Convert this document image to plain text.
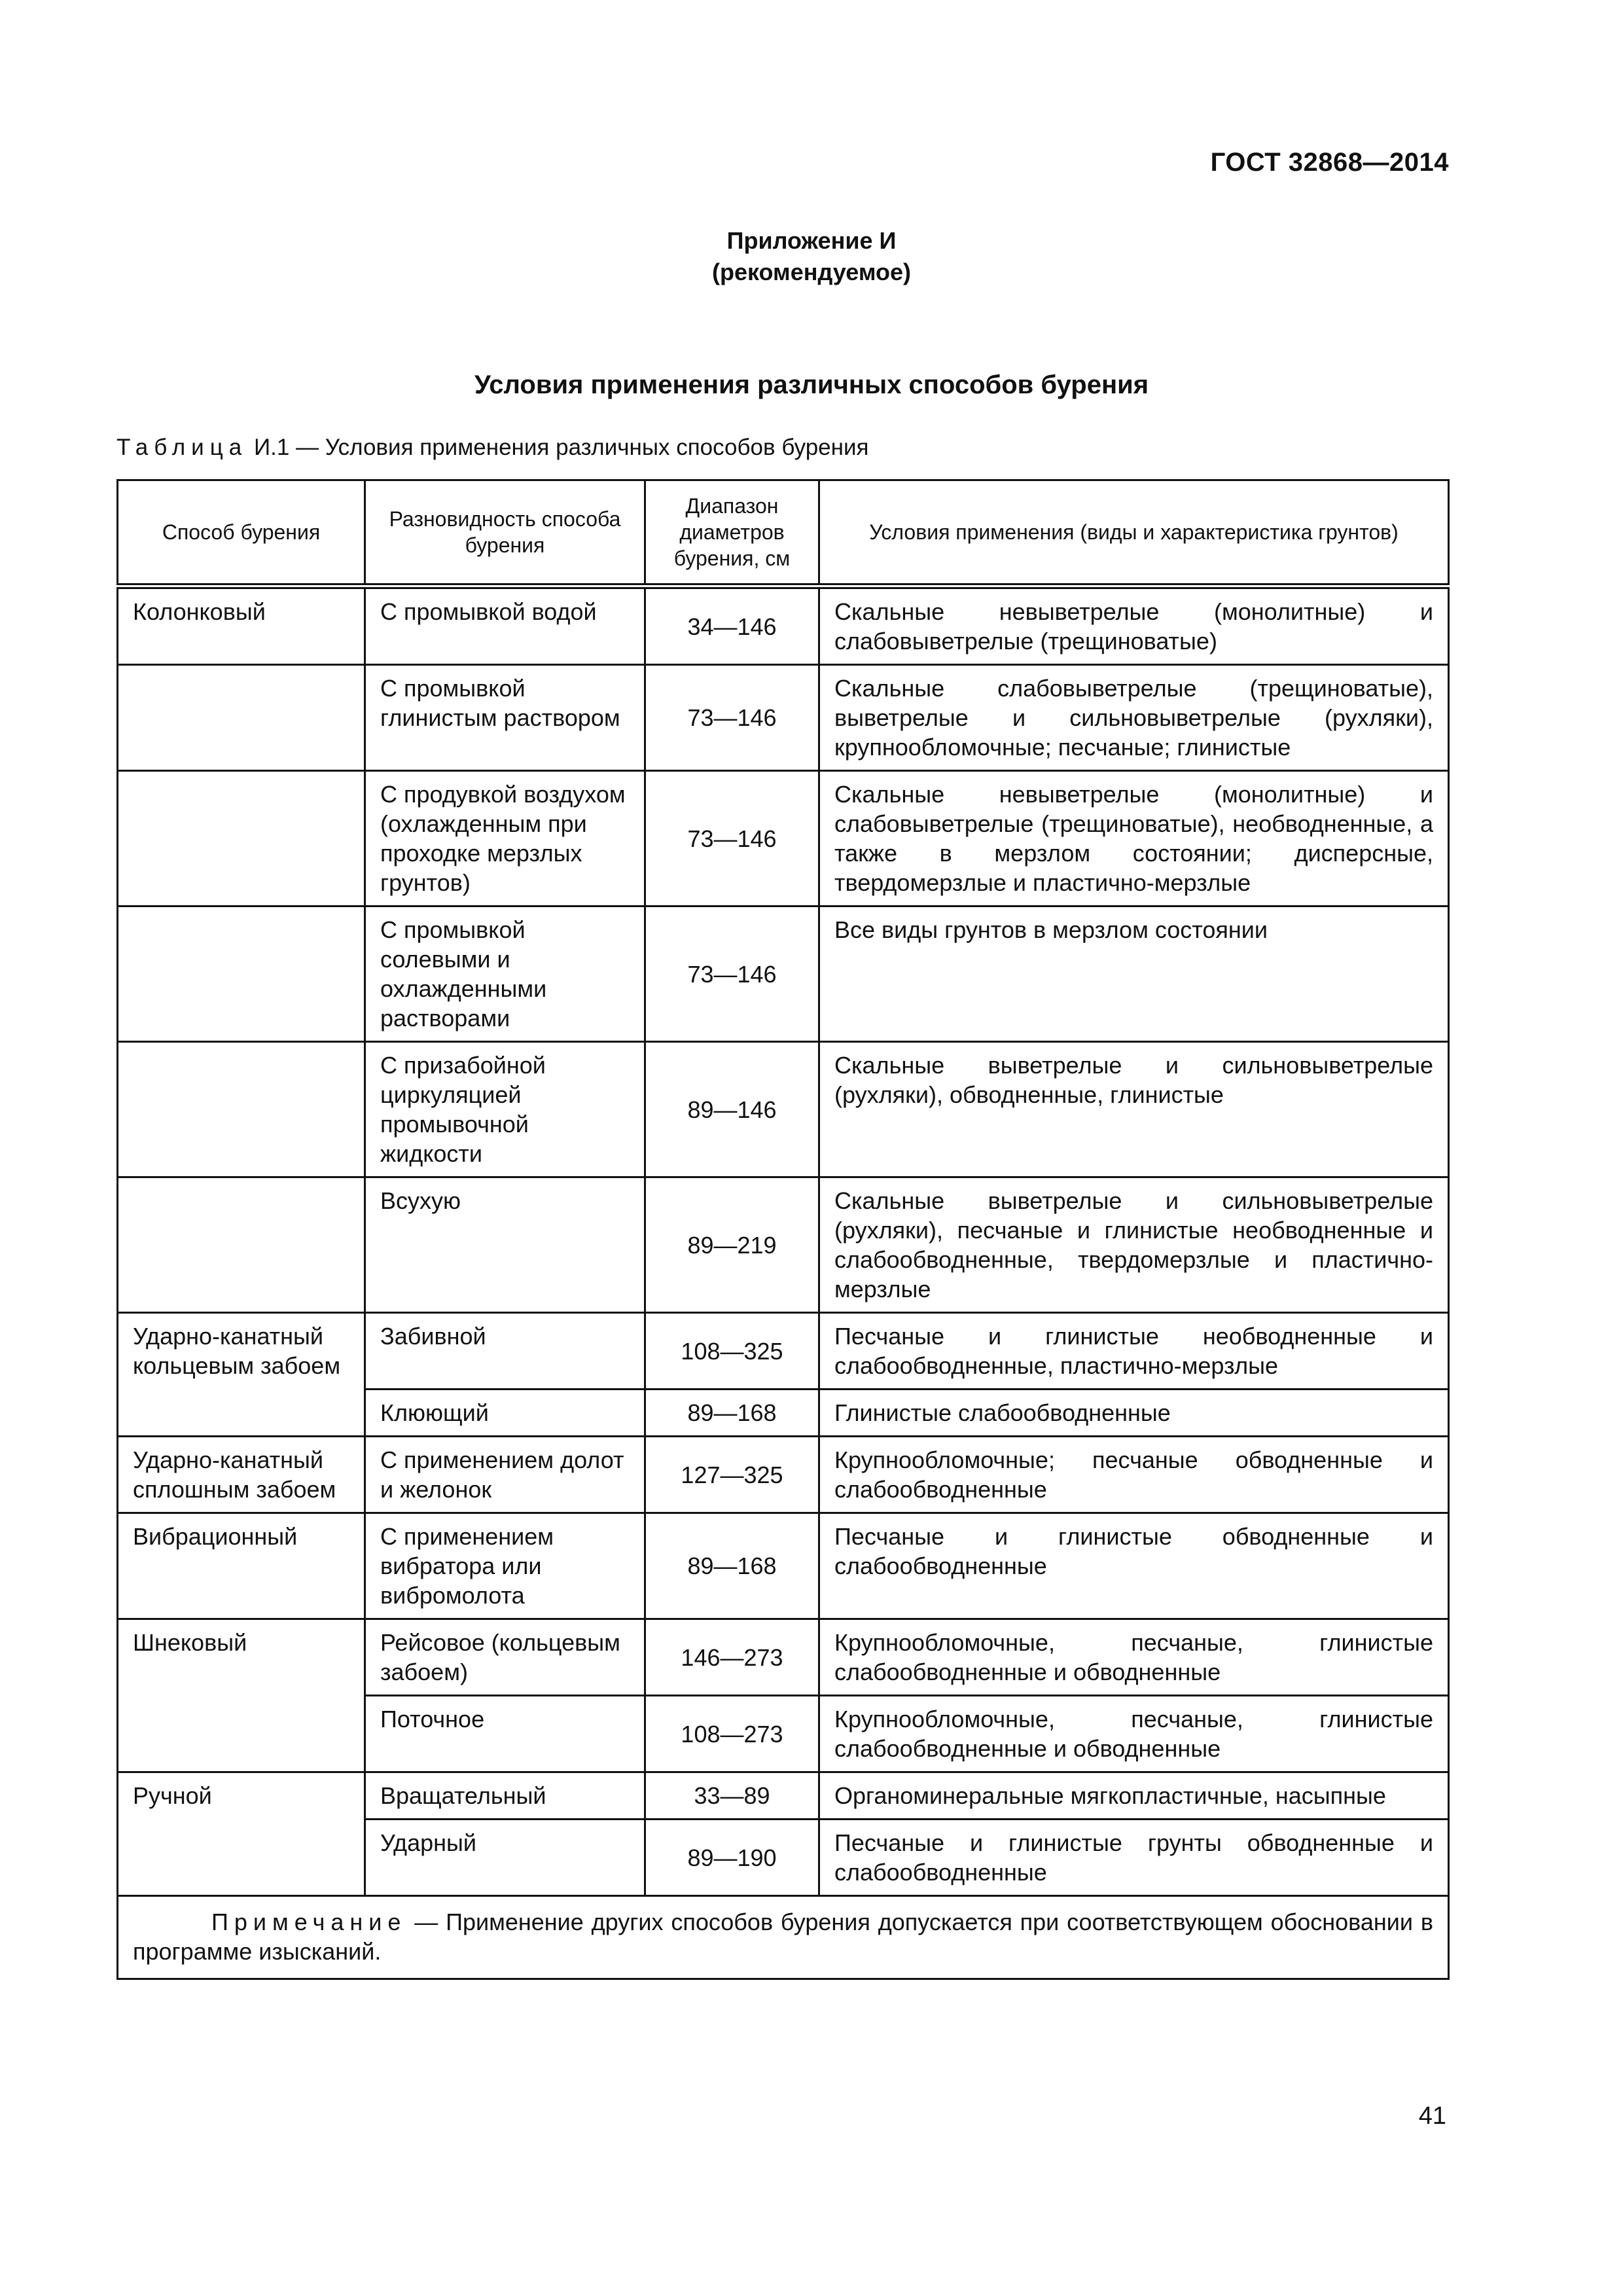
ГОСТ 32868—2014
Приложение И
(рекомендуемое)
Условия применения различных способов бурения
Таблица И.1 — Условия применения различных способов бурения
Способ бурения	Разновидность способа бурения	Диапазон диаметров бурения, см	Условия применения (виды и характеристика грунтов)
Колонковый	С промывкой водой	34—146	Скальные невыветрелые (монолитные) и слабовыветрелые (трещиноватые)
	С промывкой глинистым раствором	73—146	Скальные слабовыветрелые (трещиноватые), выветрелые и сильновыветрелые (рухляки), крупнообломочные; песчаные; глинистые
	С продувкой воздухом (охлажденным при проходке мерзлых грунтов)	73—146	Скальные невыветрелые (монолитные) и слабовыветрелые (трещиноватые), необводненные, а также в мерзлом состоянии; дисперсные, твердомерзлые и пластично-мерзлые
	С промывкой солевыми и охлажденными растворами	73—146	Все виды грунтов в мерзлом состоянии
	С призабойной циркуляцией промывочной жидкости	89—146	Скальные выветрелые и сильновыветрелые (рухляки), обводненные, глинистые
	Всухую	89—219	Скальные выветрелые и сильновыветрелые (рухляки), песчаные и глинистые необводненные и слабообводненные, твердомерзлые и пластично-мерзлые
Ударно-канатный кольцевым забоем	Забивной	108—325	Песчаные и глинистые необводненные и слабообводненные, пластично-мерзлые
	Клюющий	89—168	Глинистые слабообводненные
Ударно-канатный сплошным забоем	С применением долот и желонок	127—325	Крупнообломочные; песчаные обводненные и слабообводненные
Вибрационный	С применением вибратора или вибромолота	89—168	Песчаные и глинистые обводненные и слабообводненные
Шнековый	Рейсовое (кольцевым забоем)	146—273	Крупнообломочные, песчаные, глинистые слабообводненные и обводненные
	Поточное	108—273	Крупнообломочные, песчаные, глинистые слабообводненные и обводненные
Ручной	Вращательный	33—89	Органоминеральные мягкопластичные, насыпные
	Ударный	89—190	Песчаные и глинистые грунты обводненные и слабообводненные
Примечание — Применение других способов бурения допускается при соответствующем обосновании в программе изысканий.			
41
